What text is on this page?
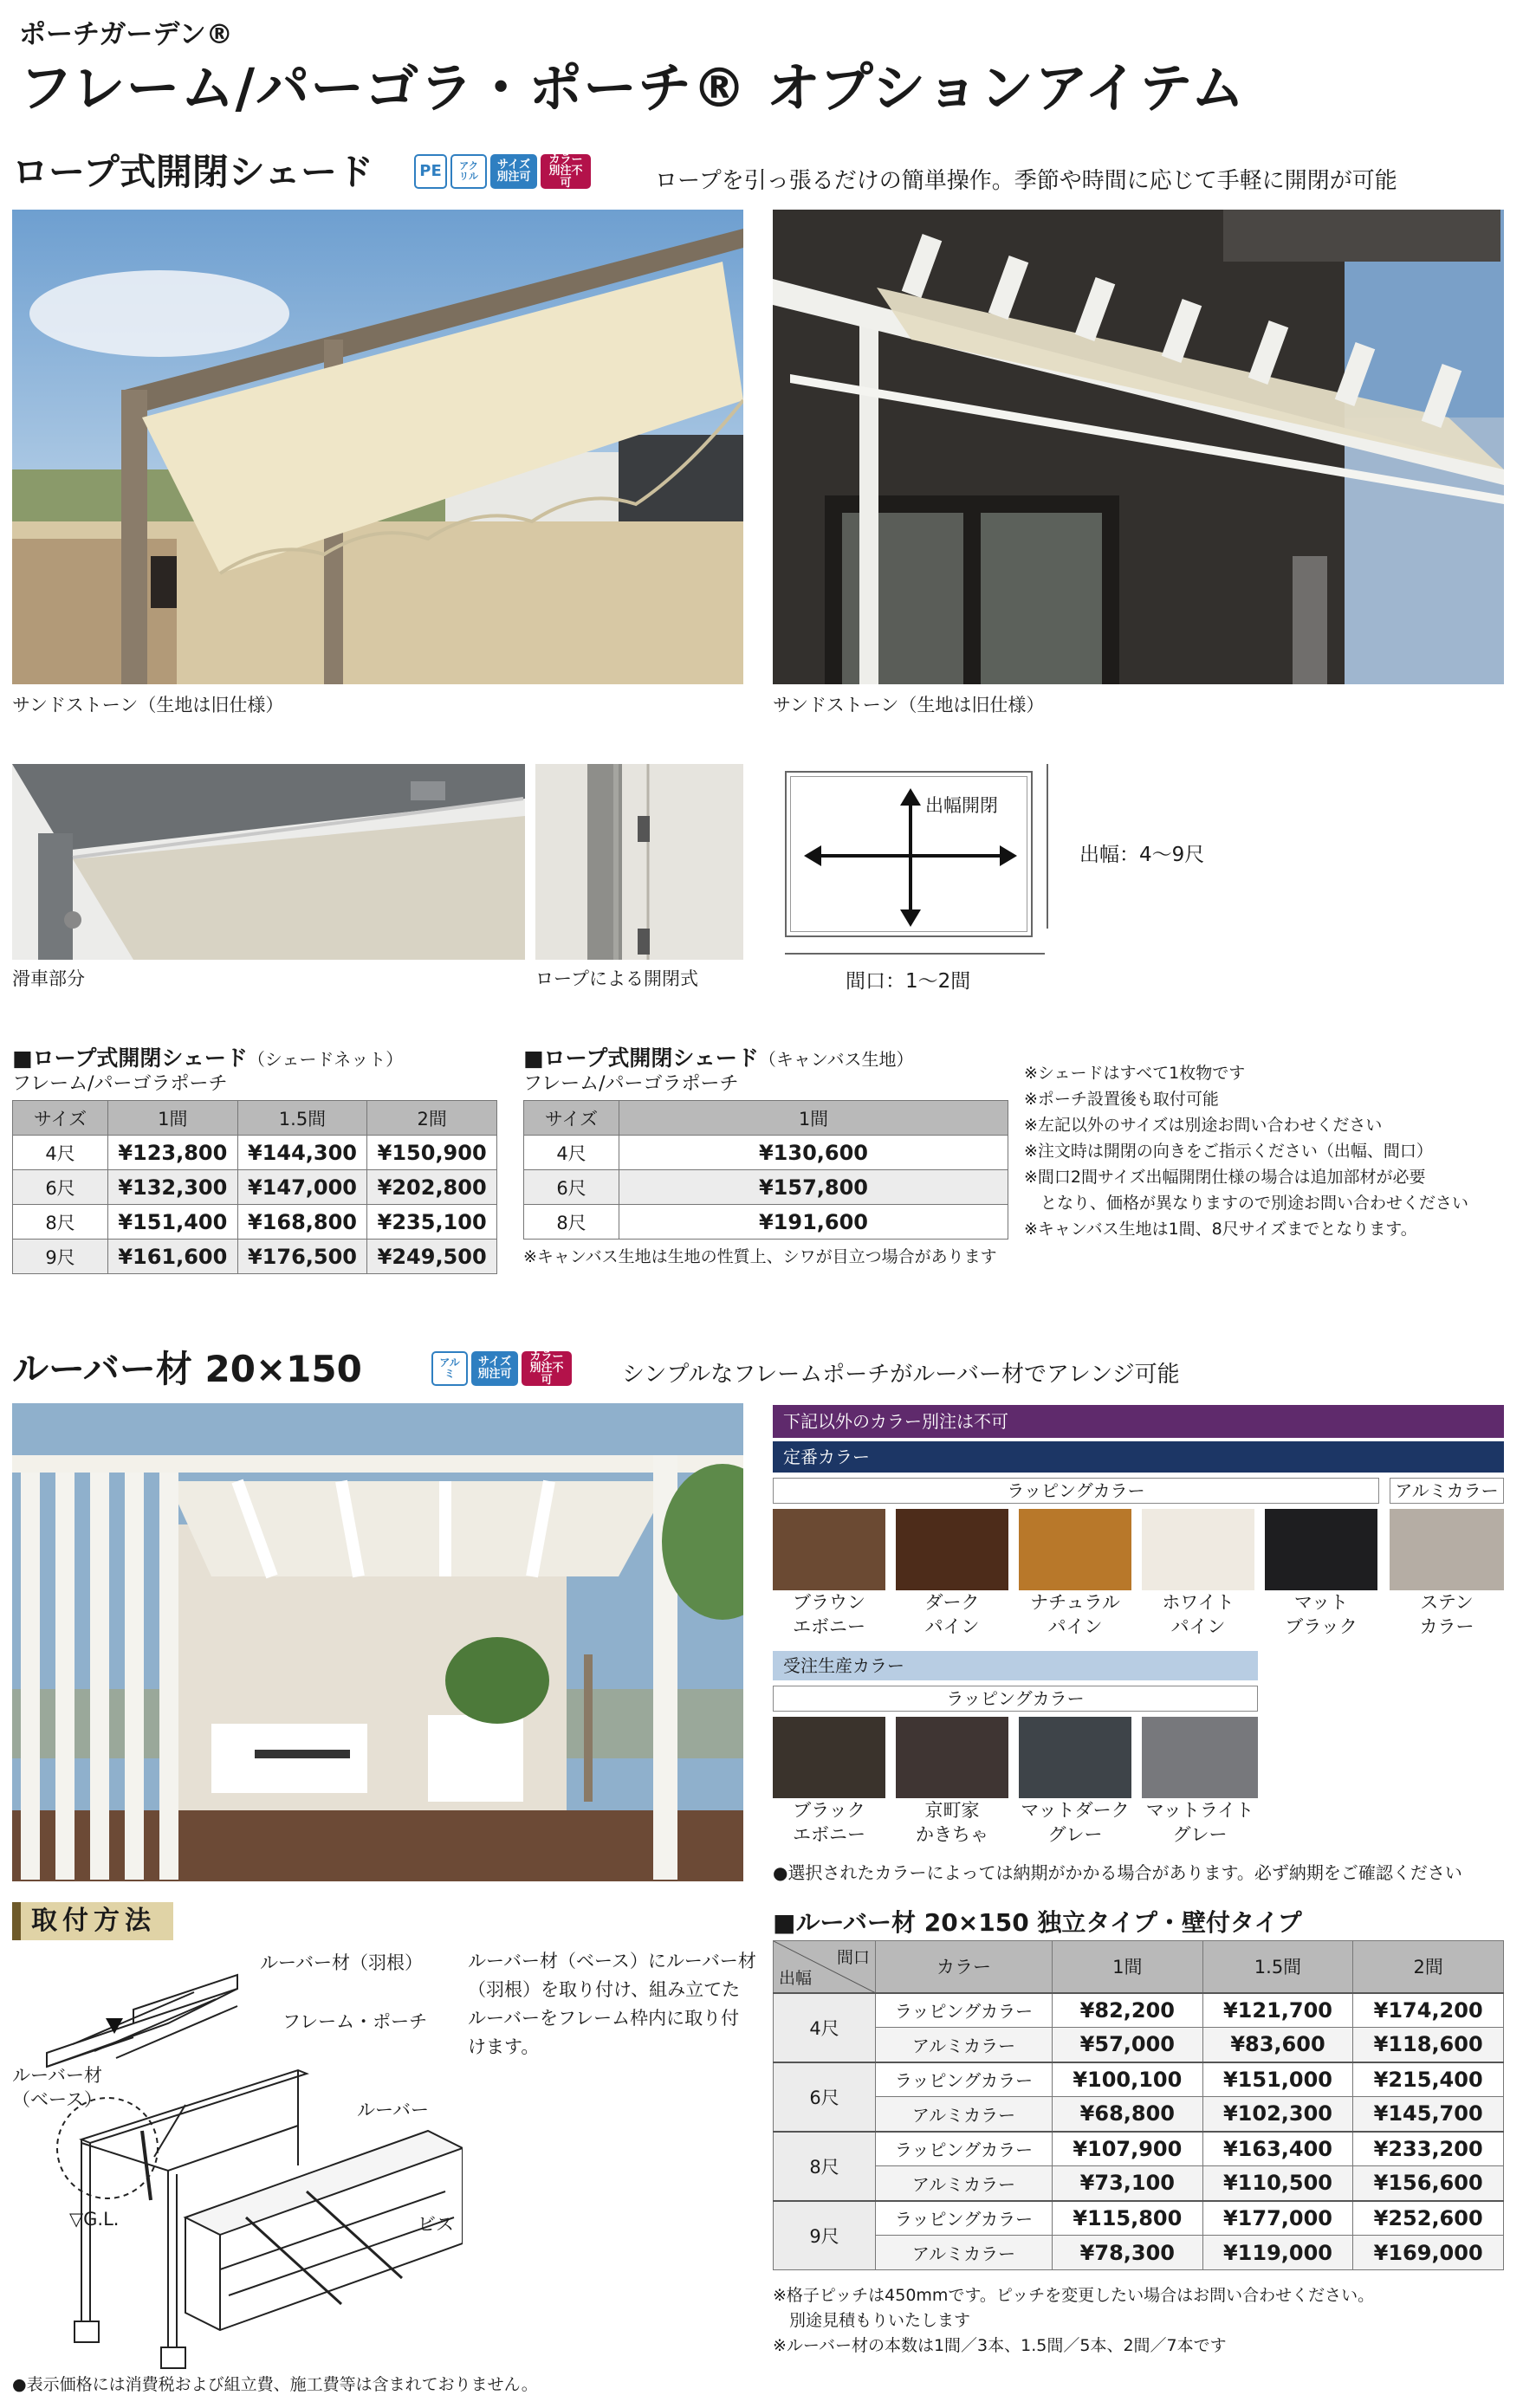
ポーチガーデン®
フレーム/パーゴラ・ポーチ® オプションアイテム
ロープ式開閉シェード	PE	アクリル
サイズ 別注可
カラー 別注不可	ロープを引っ張るだけの簡単操作。季節や時間に応じて手軽に開閉が可能
サンドストーン（生地は旧仕様）	サンドストーン（生地は旧仕様）
滑車部分	ロープによる開閉式
出幅開閉
出幅：4〜9尺
間口：1〜2間
■ロープ式開閉シェード（シェードネット）
フレーム/パーゴラポーチ
サイズ	1間	1.5間	2間
4尺	¥123,800	¥144,300	¥150,900
6尺	¥132,300	¥147,000	¥202,800
8尺	¥151,400	¥168,800	¥235,100
9尺	¥161,600	¥176,500	¥249,500
■ロープ式開閉シェード（キャンバス生地）
フレーム/パーゴラポーチ
サイズ	1間
4尺	¥130,600
6尺	¥157,800
8尺	¥191,600
※キャンバス生地は生地の性質上、シワが目立つ場合があります
※シェードはすべて1枚物です
※ポーチ設置後も取付可能
※左記以外のサイズは別途お問い合わせください
※注文時は開閉の向きをご指示ください（出幅、間口）
※間口2間サイズ出幅開閉仕様の場合は追加部材が必要
　となり、価格が異なりますので別途お問い合わせください
※キャンバス生地は1間、8尺サイズまでとなります。
ルーバー材 20×150	アルミ
サイズ 別注可
カラー 別注不可	シンプルなフレームポーチがルーバー材でアレンジ可能
下記以外のカラー別注は不可
定番カラー
ラッピングカラー	アルミカラー
ブラウン
エボニー
ダーク
パイン
ナチュラル
パイン
ホワイト
パイン
マット
ブラック
ステン
カラー
受注生産カラー
ラッピングカラー
ブラック
エボニー
京町家
かきちゃ
マットダーク
グレー
マットライト
グレー
●選択されたカラーによっては納期がかかる場合があります。必ず納期をご確認ください
取付方法
ルーバー材（羽根）
フレーム・ポーチ
ルーバー材
（ベース）
▽G.L.
ルーバー
ビス
ルーバー材（ベース）にルーバー材
（羽根）を取り付け、組み立てた
ルーバーをフレーム枠内に取り付
けます。
■ルーバー材 20×150 独立タイプ・壁付タイプ
間口
出幅	カラー	1間	1.5間	2間
4尺	ラッピングカラー	¥82,200	¥121,700	¥174,200
	アルミカラー	¥57,000	¥83,600	¥118,600
6尺	ラッピングカラー	¥100,100	¥151,000	¥215,400
	アルミカラー	¥68,800	¥102,300	¥145,700
8尺	ラッピングカラー	¥107,900	¥163,400	¥233,200
	アルミカラー	¥73,100	¥110,500	¥156,600
9尺	ラッピングカラー	¥115,800	¥177,000	¥252,600
	アルミカラー	¥78,300	¥119,000	¥169,000
※格子ピッチは450mmです。ピッチを変更したい場合はお問い合わせください。
　別途見積もりいたします
※ルーバー材の本数は1間／3本、1.5間／5本、2間／7本です
●表示価格には消費税および組立費、施工費等は含まれておりません。
